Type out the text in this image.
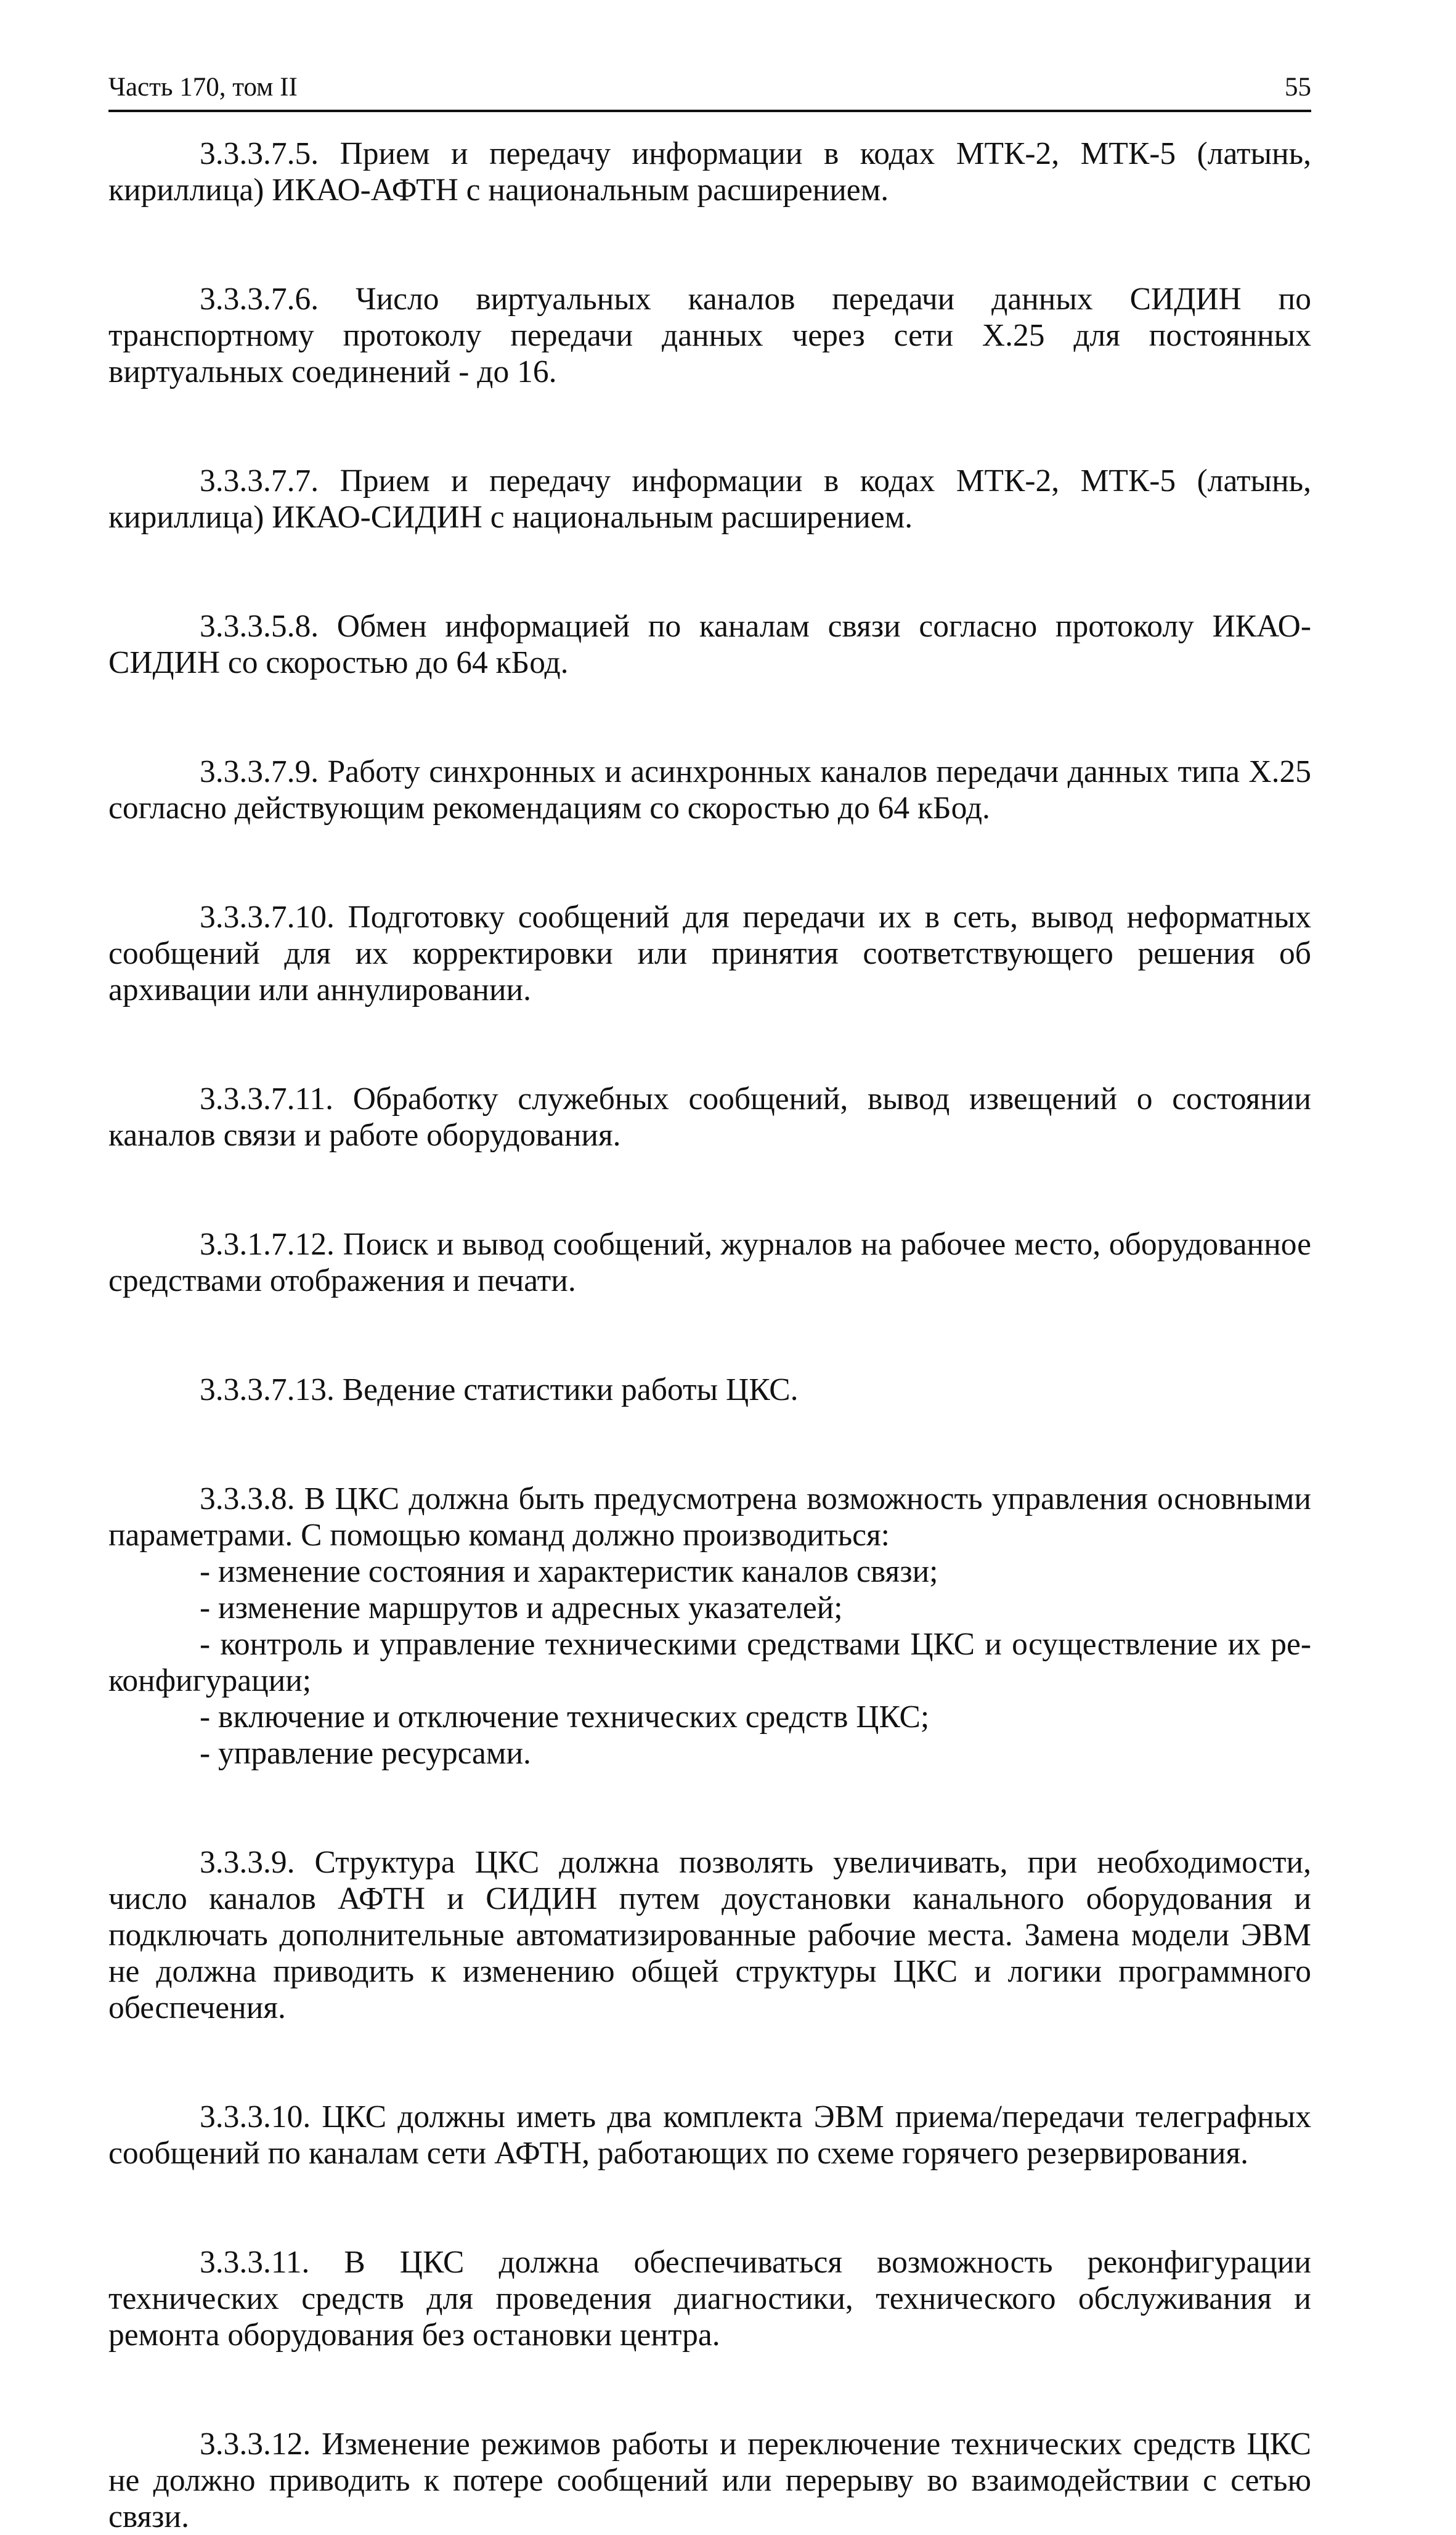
Часть 170, том II	55

3.3.3.7.5. Прием и передачу информации в кодах МТК-2, МТК-5 (латынь, кириллица) ИКАО-АФТН с национальным расширением.

3.3.3.7.6. Число виртуальных каналов передачи данных СИДИН по транспортному протоколу передачи данных через сети Х.25 для постоянных виртуальных соединений - до 16.

3.3.3.7.7. Прием и передачу информации в кодах МТК-2, МТК-5 (латынь, кириллица) ИКАО-СИДИН с национальным расширением.

3.3.3.5.8. Обмен информацией по каналам связи согласно протоколу ИКАО-СИДИН со скоростью до 64 кБод.

3.3.3.7.9. Работу синхронных и асинхронных каналов передачи данных типа Х.25 согласно действующим рекомендациям со скоростью до 64 кБод.

3.3.3.7.10. Подготовку сообщений для передачи их в сеть, вывод неформатных сообщений для их корректировки или принятия соответствующего решения об архивации или аннулировании.

3.3.3.7.11. Обработку служебных сообщений, вывод извещений о состоянии каналов связи и работе оборудования.

3.3.1.7.12. Поиск и вывод сообщений, журналов на рабочее место, оборудованное средствами отображения и печати.

3.3.3.7.13. Ведение статистики работы ЦКС.

3.3.3.8. В ЦКС должна быть предусмотрена возможность управления основными параметрами. С помощью команд должно производиться:

- изменение состояния и характеристик каналов связи;
- изменение маршрутов и адресных указателей;
- контроль и управление техническими средствами ЦКС и осуществление их реконфигурации;
- включение и отключение технических средств ЦКС;
- управление ресурсами.

3.3.3.9. Структура ЦКС должна позволять увеличивать, при необходимости, число каналов АФТН и СИДИН путем доустановки канального оборудования и подключать дополнительные автоматизированные рабочие места. Замена модели ЭВМ не должна приводить к изменению общей структуры ЦКС и логики программного обеспечения.

3.3.3.10. ЦКС должны иметь два комплекта ЭВМ приема/передачи телеграфных сообщений по каналам сети АФТН, работающих по схеме горячего резервирования.

3.3.3.11. В ЦКС должна обеспечиваться возможность реконфигурации технических средств для проведения диагностики, технического обслуживания и ремонта оборудования без остановки центра.

3.3.3.12. Изменение режимов работы и переключение технических средств ЦКС не должно приводить к потере сообщений или перерыву во взаимодействии с сетью связи.
